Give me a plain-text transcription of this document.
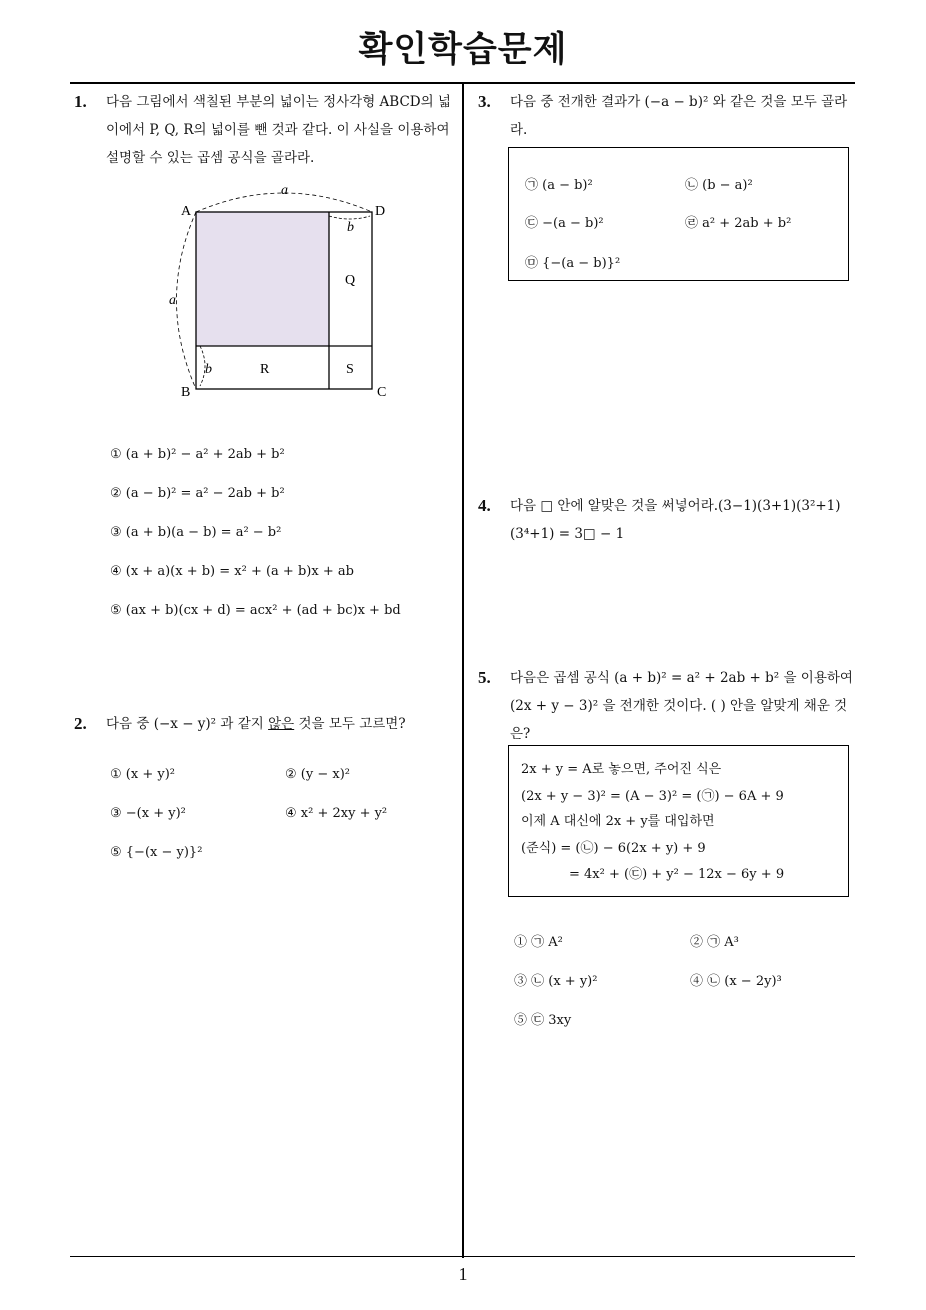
확인학습문제
1
1. 다음 그림에서 색칠된 부분의 넓이는 정사각형 ABCD의 넓이에서 P, Q, R의 넓이를 뺀 것과 같다. 이 사실을 이용하여 설명할 수 있는 곱셈 공식을 골라라.
A	D
B	C
a
a
b
b
Q
R	S
① (a + b)² − a² + 2ab + b²
② (a − b)² = a² − 2ab + b²
③ (a + b)(a − b) = a² − b²
④ (x + a)(x + b) = x² + (a + b)x + ab
⑤ (ax + b)(cx + d) = acx² + (ad + bc)x + bd
2. 다음 중 (−x − y)² 과 같지 않은 것을 모두 고르면?
① (x + y)²	② (y − x)²
③ −(x + y)²	④ x² + 2xy + y²
⑤ {−(x − y)}²
3. 다음 중 전개한 결과가 (−a − b)² 와 같은 것을 모두 골라라.
㉠ (a − b)²	㉡ (b − a)²
㉢ −(a − b)²	㉣ a² + 2ab + b²
㉤ {−(a − b)}²
4. 다음 □ 안에 알맞은 것을 써넣어라.(3−1)(3+1)(3²+1)(3⁴+1) = 3□ − 1
5. 다음은 곱셈 공식 (a + b)² = a² + 2ab + b² 을 이용하여 (2x + y − 3)² 을 전개한 것이다. ( ) 안을 알맞게 채운 것은?
2x + y = A로 놓으면, 주어진 식은
(2x + y − 3)² = (A − 3)² = (㉠) − 6A + 9
이제 A 대신에 2x + y를 대입하면
(준식) = (㉡) − 6(2x + y) + 9
= 4x² + (㉢) + y² − 12x − 6y + 9
① ㉠ A²	② ㉠ A³
③ ㉡ (x + y)²	④ ㉡ (x − 2y)³
⑤ ㉢ 3xy
